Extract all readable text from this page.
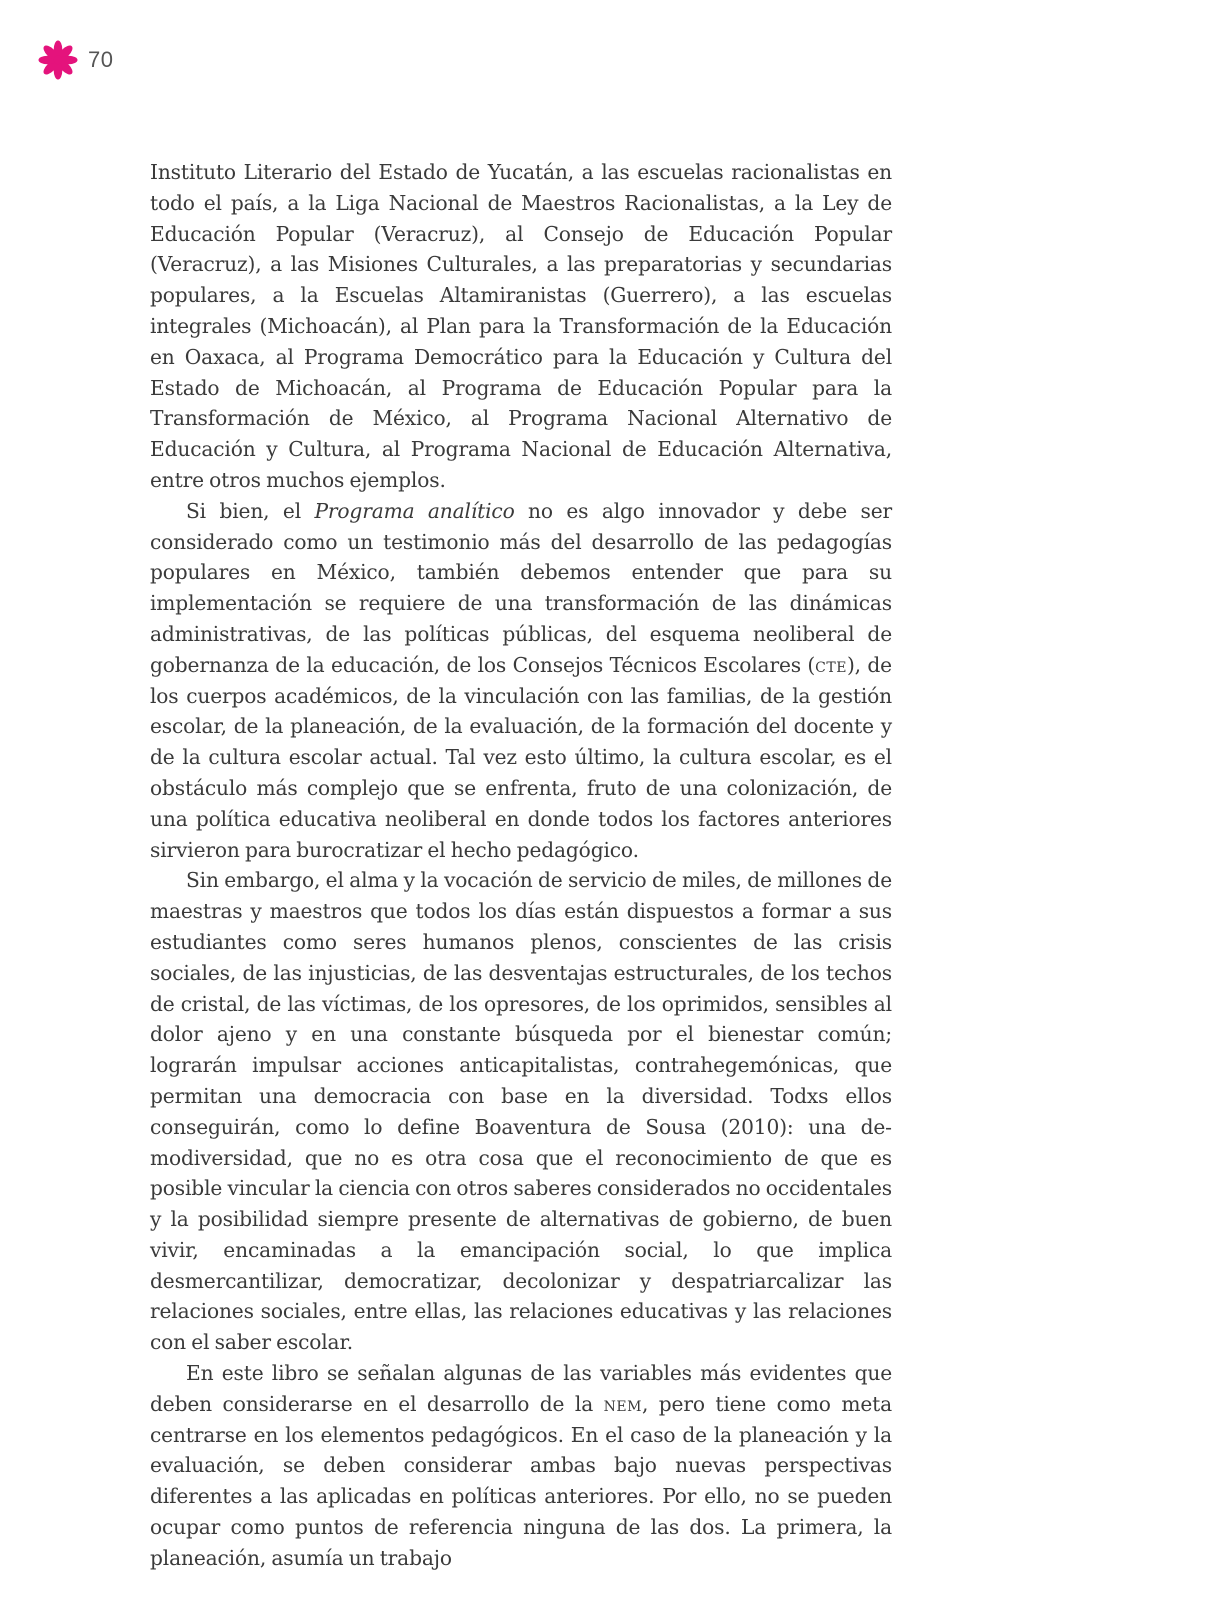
70

Instituto Literario del Estado de Yucatán, a las escuelas racionalistas en todo el país, a la Liga Nacional de Maestros Racionalistas, a la Ley de Educación Popular (Veracruz), al Consejo de Educación Popular (Veracruz), a las Misiones Culturales, a las preparatorias y secundarias populares, a la Escuelas Altamiranistas (Guerrero), a las escuelas integrales (Michoacán), al Plan para la Transformación de la Educación en Oaxaca, al Programa Democrático para la Educación y Cultura del Estado de Michoacán, al Programa de Educación Popular para la Transformación de México, al Programa Nacional Alternativo de Educación y Cultura, al Programa Nacional de Educación Alternativa, entre otros muchos ejemplos.

Si bien, el Programa analítico no es algo innovador y debe ser considerado como un testimonio más del desarrollo de las pedagogías populares en México, también debemos entender que para su implementación se requiere de una transformación de las dinámicas administrativas, de las políticas públicas, del esquema neoliberal de gobernanza de la educación, de los Consejos Técnicos Escolares (cte), de los cuerpos académicos, de la vinculación con las familias, de la gestión escolar, de la planeación, de la evaluación, de la formación del docente y de la cultura escolar actual. Tal vez esto último, la cultura escolar, es el obstáculo más complejo que se enfrenta, fruto de una colonización, de una política educativa neoliberal en donde todos los factores anteriores sirvieron para burocratizar el hecho pedagógico.

Sin embargo, el alma y la vocación de servicio de miles, de millones de maestras y maestros que todos los días están dispuestos a formar a sus estudiantes como seres humanos plenos, conscientes de las crisis sociales, de las injusticias, de las desventajas estructurales, de los techos de cristal, de las víctimas, de los opresores, de los oprimidos, sensibles al dolor ajeno y en una constante búsqueda por el bienestar común; lograrán impulsar acciones anticapitalistas, contrahegemónicas, que permitan una democracia con base en la diversidad. Todxs ellos conseguirán, como lo define Boaventura de Sousa (2010): una demodiversidad, que no es otra cosa que el reconocimiento de que es posible vincular la ciencia con otros saberes considerados no occidentales y la posibilidad siempre presente de alternativas de gobierno, de buen vivir, encaminadas a la emancipación social, lo que implica desmercantilizar, democratizar, decolonizar y despatriarcalizar las relaciones sociales, entre ellas, las relaciones educativas y las relaciones con el saber escolar.

En este libro se señalan algunas de las variables más evidentes que deben considerarse en el desarrollo de la nem, pero tiene como meta centrarse en los elementos pedagógicos. En el caso de la planeación y la evaluación, se deben considerar ambas bajo nuevas perspectivas diferentes a las aplicadas en políticas anteriores. Por ello, no se pueden ocupar como puntos de referencia ninguna de las dos. La primera, la planeación, asumía un trabajo
